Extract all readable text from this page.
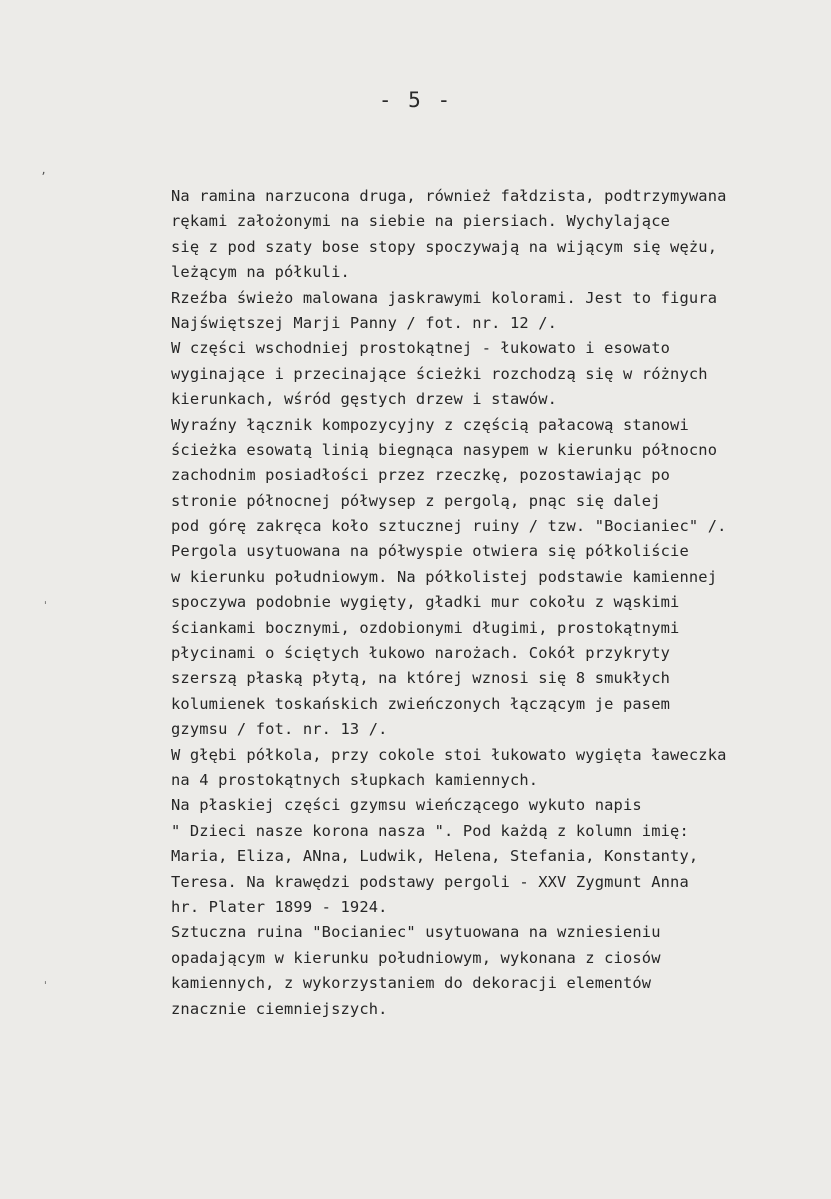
ʼ
ˈ
ˈ
- 5 -
Na ramina narzucona druga, również fałdzista, podtrzymywana
rękami założonymi na siebie na piersiach. Wychylające
się z pod szaty bose stopy spoczywają na wijącym się wężu,
leżącym na półkuli.
Rzeźba świeżo malowana jaskrawymi kolorami. Jest to figura
Najświętszej Marji Panny / fot. nr. 12 /.
W części wschodniej prostokątnej - łukowato i esowato
wyginające i przecinające ścieżki rozchodzą się w różnych
kierunkach, wśród gęstych drzew i stawów.
Wyraźny łącznik kompozycyjny z częścią pałacową stanowi
ścieżka esowatą linią biegnąca nasypem w kierunku północno
zachodnim posiadłości przez rzeczkę, pozostawiając po
stronie północnej półwysep z pergolą, pnąc się dalej
pod górę zakręca koło sztucznej ruiny / tzw. "Bocianiec" /.
Pergola usytuowana na półwyspie otwiera się półkoliście
w kierunku południowym. Na półkolistej podstawie kamiennej
spoczywa podobnie wygięty, gładki mur cokołu z wąskimi
ściankami bocznymi, ozdobionymi długimi, prostokątnymi
płycinami o ściętych łukowo narożach. Cokół przykryty
szerszą płaską płytą, na której wznosi się 8 smukłych
kolumienek toskańskich zwieńczonych łączącym je pasem
gzymsu / fot. nr. 13 /.
W głębi półkola, przy cokole stoi łukowato wygięta ławeczka
na 4 prostokątnych słupkach kamiennych.
Na płaskiej części gzymsu wieńczącego wykuto napis
" Dzieci nasze korona nasza ". Pod każdą z kolumn imię:
Maria, Eliza, ANna, Ludwik, Helena, Stefania, Konstanty,
Teresa. Na krawędzi podstawy pergoli - XXV Zygmunt Anna
hr. Plater 1899 - 1924.
Sztuczna ruina "Bocianiec" usytuowana na wzniesieniu
opadającym w kierunku południowym, wykonana z ciosów
kamiennych, z wykorzystaniem do dekoracji elementów
znacznie ciemniejszych.
